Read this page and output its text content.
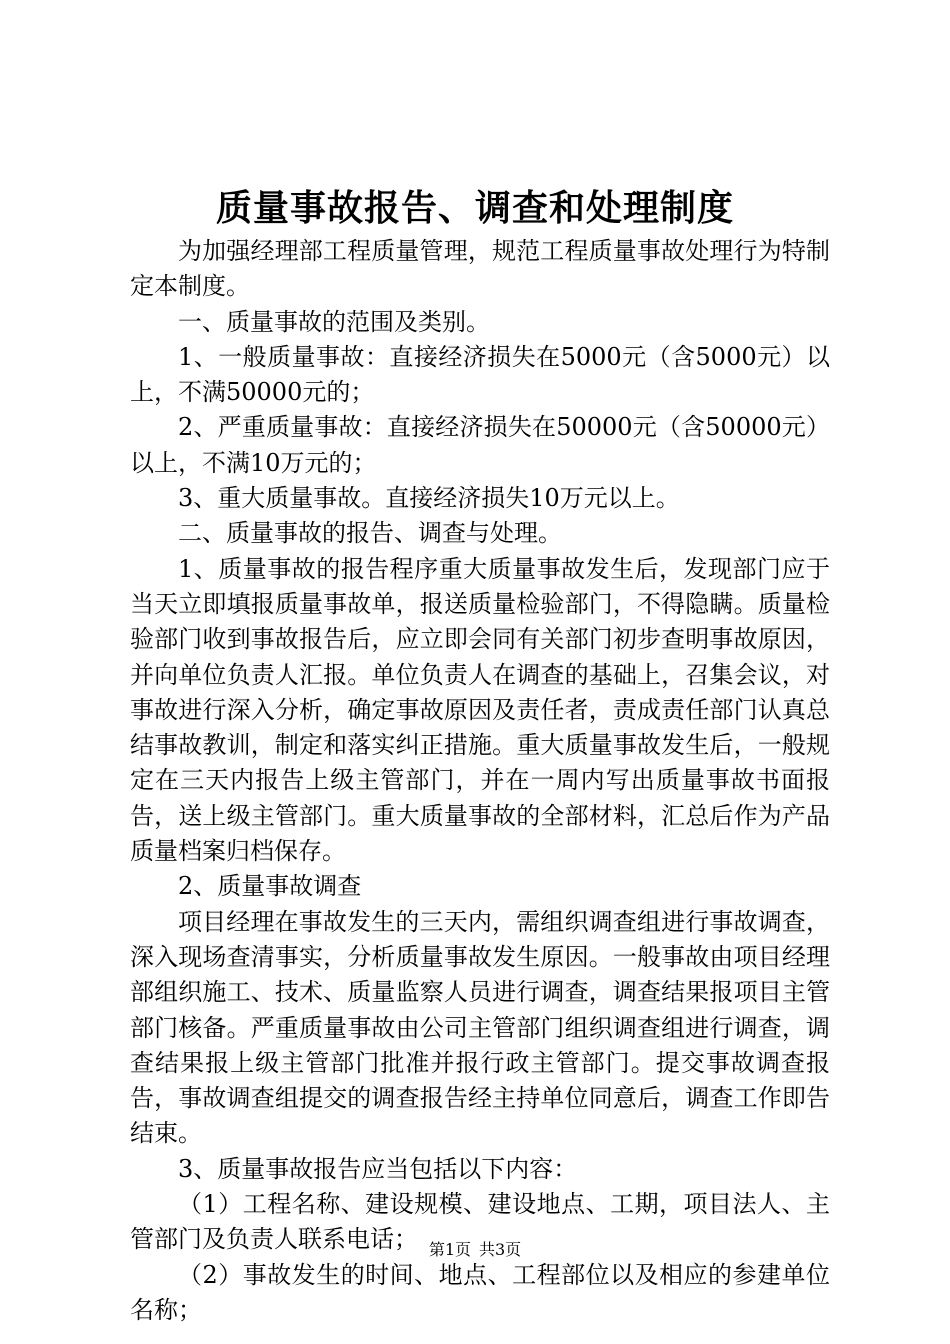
质量事故报告、调查和处理制度

为加强经理部工程质量管理，规范工程质量事故处理行为特制定本制度。

一、质量事故的范围及类别。

1、一般质量事故：直接经济损失在5000元（含5000元）以上，不满50000元的；

2、严重质量事故：直接经济损失在50000元（含50000元）以上，不满10万元的；

3、重大质量事故。直接经济损失10万元以上。

二、质量事故的报告、调查与处理。

1、质量事故的报告程序重大质量事故发生后，发现部门应于当天立即填报质量事故单，报送质量检验部门，不得隐瞒。质量检验部门收到事故报告后，应立即会同有关部门初步查明事故原因，并向单位负责人汇报。单位负责人在调查的基础上，召集会议，对事故进行深入分析，确定事故原因及责任者，责成责任部门认真总结事故教训，制定和落实纠正措施。重大质量事故发生后，一般规定在三天内报告上级主管部门，并在一周内写出质量事故书面报告，送上级主管部门。重大质量事故的全部材料，汇总后作为产品质量档案归档保存。

2、质量事故调查

项目经理在事故发生的三天内，需组织调查组进行事故调查，深入现场查清事实，分析质量事故发生原因。一般事故由项目经理部组织施工、技术、质量监察人员进行调查，调查结果报项目主管部门核备。严重质量事故由公司主管部门组织调查组进行调查，调查结果报上级主管部门批准并报行政主管部门。提交事故调查报告，事故调查组提交的调查报告经主持单位同意后，调查工作即告结束。

3、质量事故报告应当包括以下内容：

（1）工程名称、建设规模、建设地点、工期，项目法人、主管部门及负责人联系电话；

（2）事故发生的时间、地点、工程部位以及相应的参建单位名称；

第1页 共3页
